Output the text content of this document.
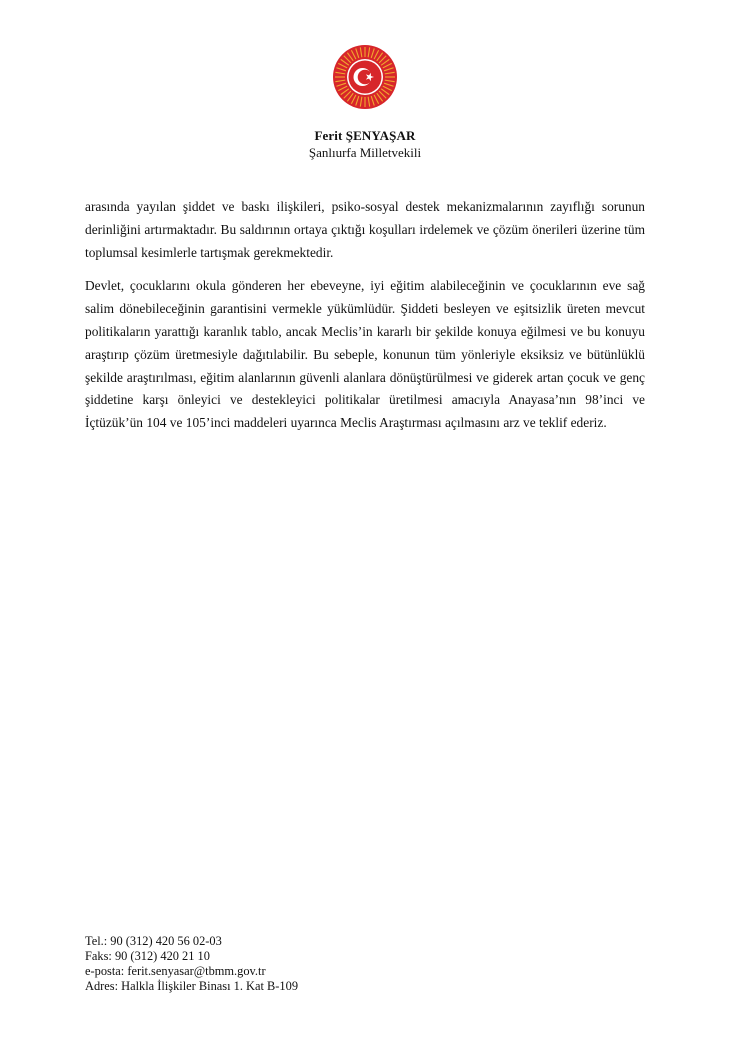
Ferit ŞENYAŞAR
Şanlıurfa Milletvekili

arasında yayılan şiddet ve baskı ilişkileri, psiko-sosyal destek mekanizmalarının zayıflığı sorunun derinliğini artırmaktadır. Bu saldırının ortaya çıktığı koşulları irdelemek ve çözüm önerileri üzerine tüm toplumsal kesimlerle tartışmak gerekmektedir.

Devlet, çocuklarını okula gönderen her ebeveyne, iyi eğitim alabileceğinin ve çocuklarının eve sağ salim dönebileceğinin garantisini vermekle yükümlüdür. Şiddeti besleyen ve eşitsizlik üreten mevcut politikaların yarattığı karanlık tablo, ancak Meclis’in kararlı bir şekilde konuya eğilmesi ve bu konuyu araştırıp çözüm üretmesiyle dağıtılabilir. Bu sebeple, konunun tüm yönleriyle eksiksiz ve bütünlüklü şekilde araştırılması, eğitim alanlarının güvenli alanlara dönüştürülmesi ve giderek artan çocuk ve genç şiddetine karşı önleyici ve destekleyici politikalar üretilmesi amacıyla Anayasa’nın 98’inci ve İçtüzük’ün 104 ve 105’inci maddeleri uyarınca Meclis Araştırması açılmasını arz ve teklif ederiz.

Tel.: 90 (312) 420 56 02-03
Faks: 90 (312) 420 21 10
e-posta: ferit.senyasar@tbmm.gov.tr
Adres: Halkla İlişkiler Binası 1. Kat B-109
